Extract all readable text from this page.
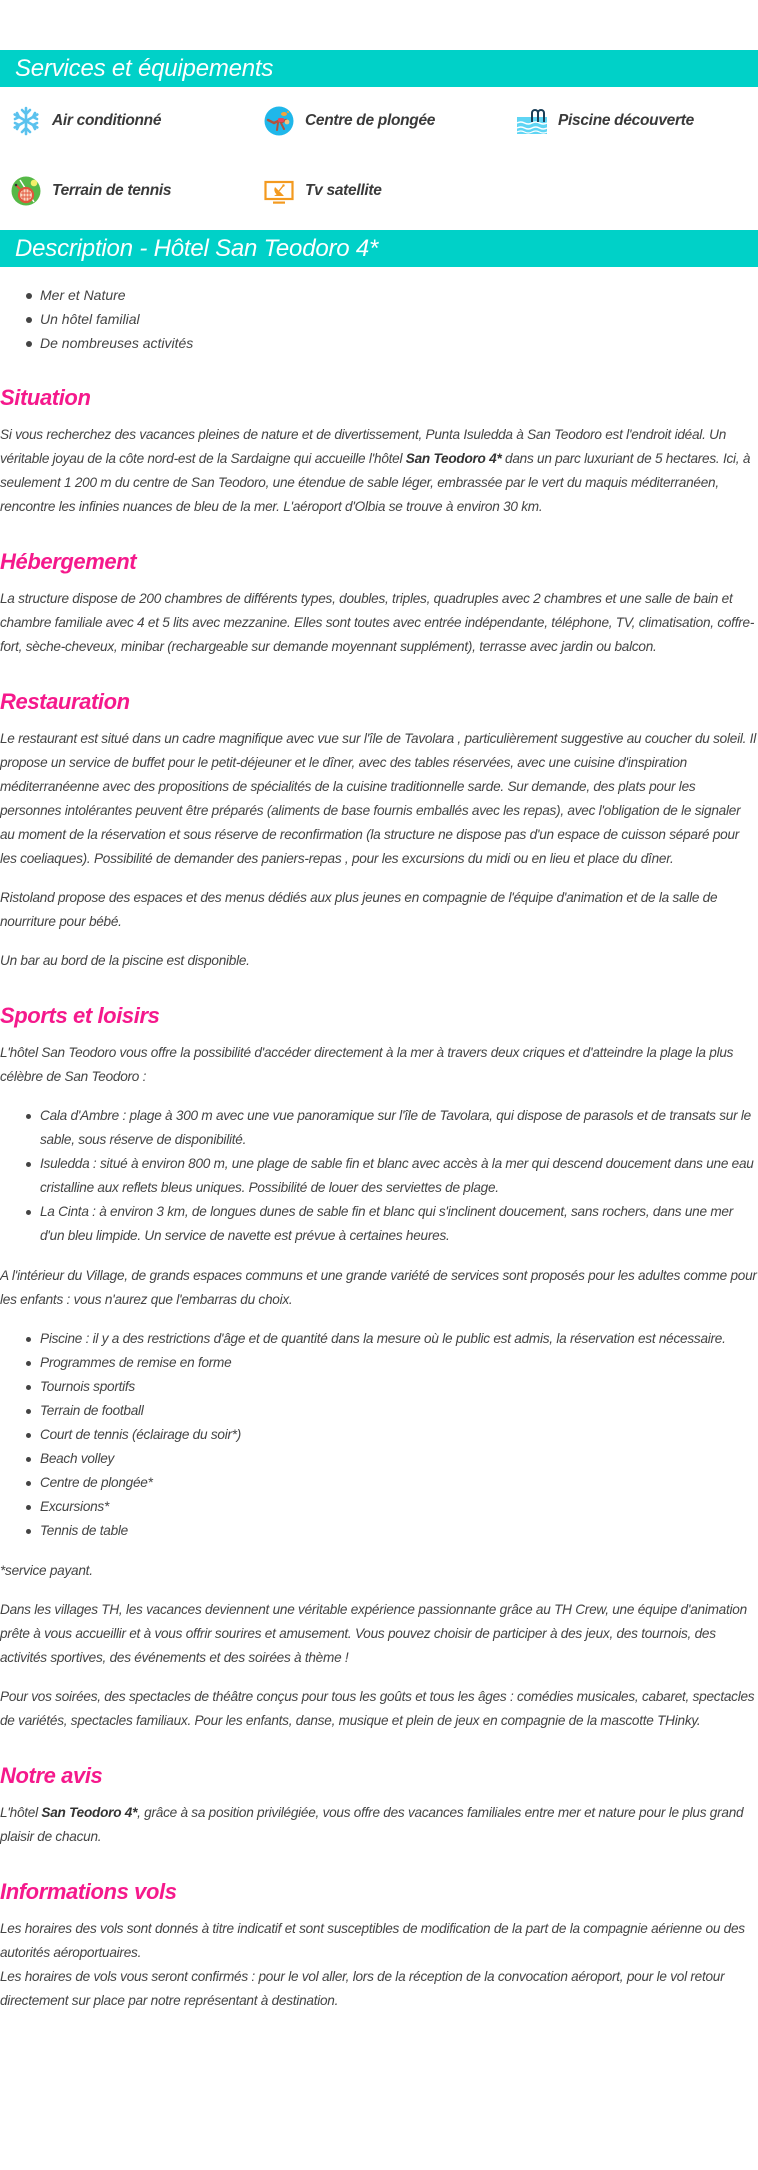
Services et équipements
Air conditionné	Centre de plongée	Piscine découverte
Terrain de tennis	Tv satellite
Description - Hôtel San Teodoro 4*
Mer et Nature
Un hôtel familial
De nombreuses activités
Situation

Si vous recherchez des vacances pleines de nature et de divertissement, Punta Isuledda à San Teodoro est l'endroit idéal. Un véritable joyau de la côte nord-est de la Sardaigne qui accueille l'hôtel San Teodoro 4* dans un parc luxuriant de 5 hectares. Ici, à seulement 1 200 m du centre de San Teodoro, une étendue de sable léger, embrassée par le vert du maquis méditerranéen, rencontre les infinies nuances de bleu de la mer. L'aéroport d'Olbia se trouve à environ 30 km.

Hébergement

La structure dispose de 200 chambres de différents types, doubles, triples, quadruples avec 2 chambres et une salle de bain et chambre familiale avec 4 et 5 lits avec mezzanine. Elles sont toutes avec entrée indépendante, téléphone, TV, climatisation, coffre-fort, sèche-cheveux, minibar (rechargeable sur demande moyennant supplément), terrasse avec jardin ou balcon.

Restauration

Le restaurant est situé dans un cadre magnifique avec vue sur l'île de Tavolara , particulièrement suggestive au coucher du soleil. Il propose un service de buffet pour le petit-déjeuner et le dîner, avec des tables réservées, avec une cuisine d'inspiration méditerranéenne avec des propositions de spécialités de la cuisine traditionnelle sarde. Sur demande, des plats pour les personnes intolérantes peuvent être préparés (aliments de base fournis emballés avec les repas), avec l'obligation de le signaler au moment de la réservation et sous réserve de reconfirmation (la structure ne dispose pas d'un espace de cuisson séparé pour les coeliaques). Possibilité de demander des paniers-repas , pour les excursions du midi ou en lieu et place du dîner.

Ristoland propose des espaces et des menus dédiés aux plus jeunes en compagnie de l'équipe d'animation et de la salle de nourriture pour bébé.

Un bar au bord de la piscine est disponible.

Sports et loisirs

L'hôtel San Teodoro vous offre la possibilité d'accéder directement à la mer à travers deux criques et d'atteindre la plage la plus célèbre de San Teodoro :

Cala d'Ambre : plage à 300 m avec une vue panoramique sur l'île de Tavolara, qui dispose de parasols et de transats sur le sable, sous réserve de disponibilité.
Isuledda : situé à environ 800 m, une plage de sable fin et blanc avec accès à la mer qui descend doucement dans une eau cristalline aux reflets bleus uniques. Possibilité de louer des serviettes de plage.
La Cinta : à environ 3 km, de longues dunes de sable fin et blanc qui s'inclinent doucement, sans rochers, dans une mer d'un bleu limpide. Un service de navette est prévue à certaines heures.

A l'intérieur du Village, de grands espaces communs et une grande variété de services sont proposés pour les adultes comme pour les enfants : vous n'aurez que l'embarras du choix.

Piscine : il y a des restrictions d'âge et de quantité dans la mesure où le public est admis, la réservation est nécessaire.
Programmes de remise en forme
Tournois sportifs
Terrain de football
Court de tennis (éclairage du soir*)
Beach volley
Centre de plongée*
Excursions*
Tennis de table

*service payant.

Dans les villages TH, les vacances deviennent une véritable expérience passionnante grâce au TH Crew, une équipe d'animation prête à vous accueillir et à vous offrir sourires et amusement. Vous pouvez choisir de participer à des jeux, des tournois, des activités sportives, des événements et des soirées à thème !

Pour vos soirées, des spectacles de théâtre conçus pour tous les goûts et tous les âges : comédies musicales, cabaret, spectacles de variétés, spectacles familiaux. Pour les enfants, danse, musique et plein de jeux en compagnie de la mascotte THinky.

Notre avis

L'hôtel San Teodoro 4*, grâce à sa position privilégiée, vous offre des vacances familiales entre mer et nature pour le plus grand plaisir de chacun.

Informations vols

Les horaires des vols sont donnés à titre indicatif et sont susceptibles de modification de la part de la compagnie aérienne ou des autorités aéroportuaires.

Les horaires de vols vous seront confirmés : pour le vol aller, lors de la réception de la convocation aéroport, pour le vol retour directement sur place par notre représentant à destination.
